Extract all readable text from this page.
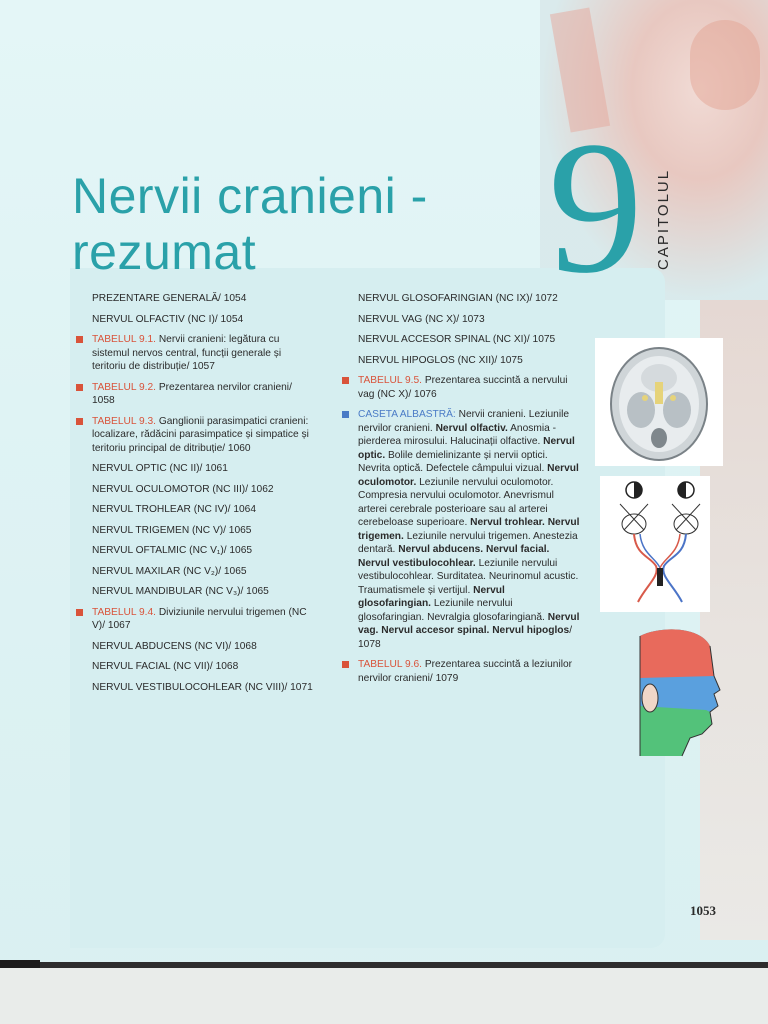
Nervii cranieni -
rezumat	9 CAPITOLUL
PREZENTARE GENERALĂ/ 1054
NERVUL OLFACTIV (NC I)/ 1054
TABELUL 9.1. Nervii cranieni: legătura cu sistemul nervos central, funcții generale și teritoriu de distribuție/ 1057
TABELUL 9.2. Prezentarea nervilor cranieni/ 1058
TABELUL 9.3. Ganglionii parasimpatici cranieni: localizare, rădăcini parasimpatice și simpatice și teritoriu principal de ditribuție/ 1060
NERVUL OPTIC (NC II)/ 1061
NERVUL OCULOMOTOR (NC III)/ 1062
NERVUL TROHLEAR (NC IV)/ 1064
NERVUL TRIGEMEN (NC V)/ 1065
NERVUL OFTALMIC (NC V₁)/ 1065
NERVUL MAXILAR (NC V₂)/ 1065
NERVUL MANDIBULAR (NC V₃)/ 1065
TABELUL 9.4. Diviziunile nervului trigemen (NC V)/ 1067
NERVUL ABDUCENS (NC VI)/ 1068
NERVUL FACIAL (NC VII)/ 1068
NERVUL VESTIBULOCOHLEAR (NC VIII)/ 1071
NERVUL GLOSOFARINGIAN (NC IX)/ 1072
NERVUL VAG (NC X)/ 1073
NERVUL ACCESOR SPINAL (NC XI)/ 1075
NERVUL HIPOGLOS (NC XII)/ 1075
TABELUL 9.5. Prezentarea succintă a nervului vag (NC X)/ 1076
CASETA ALBASTRĂ: Nervii cranieni. Leziunile nervilor cranieni. Nervul olfactiv. Anosmia - pierderea mirosului. Halucinații olfactive. Nervul optic. Bolile demielinizante și nervii optici. Nevrita optică. Defectele câmpului vizual. Nervul oculomotor. Leziunile nervului oculomotor. Compresia nervului oculomotor. Anevrismul arterei cerebrale posterioare sau al arterei cerebeloase superioare. Nervul trohlear. Nervul trigemen. Leziunile nervului trigemen. Anestezia dentară. Nervul abducens. Nervul facial. Nervul vestibulocohlear. Leziunile nervului vestibulocohlear. Surditatea. Neurinomul acustic. Traumatismele și vertijul. Nervul glosofaringian. Leziunile nervului glosofaringian. Nevralgia glosofaringiană. Nervul vag. Nervul accesor spinal. Nervul hipoglos/ 1078
TABELUL 9.6. Prezentarea succintă a leziunilor nervilor cranieni/ 1079
1053
